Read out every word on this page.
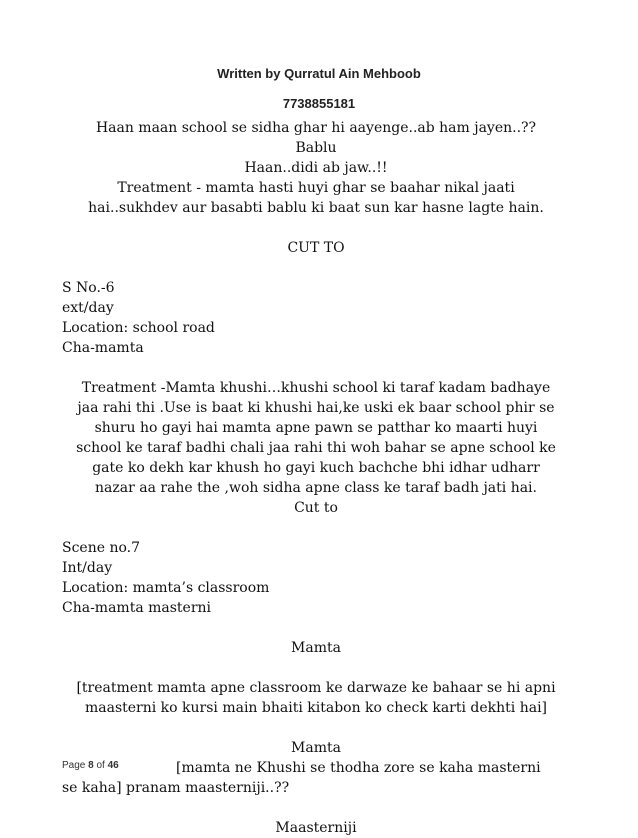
Written by Qurratul Ain Mehboob
7738855181
Haan maan school se sidha ghar hi aayenge..ab ham jayen..??
Bablu
Haan..didi ab jaw..!!
Treatment - mamta hasti huyi ghar se baahar nikal jaati
hai..sukhdev aur basabti bablu ki baat sun kar hasne lagte hain.
CUT TO
S No.-6
ext/day
Location: school road
Cha-mamta
Treatment -Mamta khushi…khushi school ki taraf kadam badhaye
jaa rahi thi .Use is baat ki khushi hai,ke uski ek baar school phir se
shuru ho gayi hai mamta apne pawn se patthar ko maarti huyi
school ke taraf badhi chali jaa rahi thi woh bahar se apne school ke
gate ko dekh kar khush ho gayi kuch bachche bhi idhar udharr
nazar aa rahe the ,woh sidha apne class ke taraf badh jati hai.
Cut to
Scene no.7
Int/day
Location: mamta’s classroom
Cha-mamta masterni
Mamta
[treatment mamta apne classroom ke darwaze ke bahaar se hi apni
maasterni ko kursi main bhaiti kitabon ko check karti dekhti hai]
Mamta
[mamta ne Khushi se thodha zore se kaha masterni
se kaha] pranam maasterniji..??
Maasterniji
Page 8 of 46
